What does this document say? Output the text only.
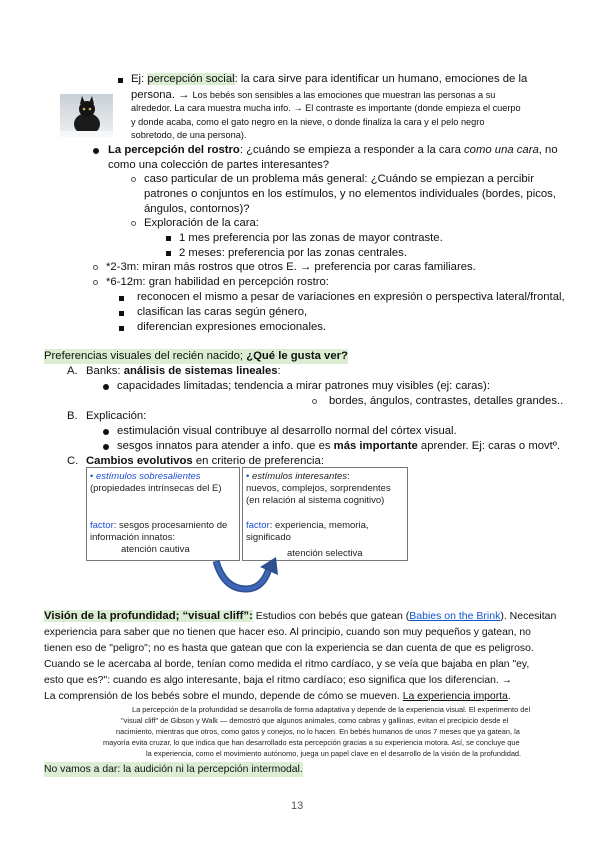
Ej: percepción social: la cara sirve para identificar un humano, emociones de la
persona. → Los bebés son sensibles a las emociones que muestran las personas a su
alrededor. La cara muestra mucha info. → El contraste es importante (donde empieza el cuerpo
y donde acaba, como el gato negro en la nieve, o donde finaliza la cara y el pelo negro
sobretodo, de una persona).
La percepción del rostro: ¿cuándo se empieza a responder a la cara como una cara, no
como una colección de partes interesantes?
caso particular de un problema más general: ¿Cuándo se empiezan a percibir
patrones o conjuntos en los estímulos, y no elementos individuales (bordes, picos,
ángulos, contornos)?
Exploración de la cara:
1 mes preferencia por las zonas de mayor contraste.
2 meses: preferencia por las zonas centrales.
*2-3m: miran más rostros que otros E. → preferencia por caras familiares.
*6-12m: gran habilidad en percepción rostro:
reconocen el mismo a pesar de variaciones en expresión o perspectiva lateral/frontal,
clasifican las caras según género,
diferencian expresiones emocionales.
Preferencias visuales del recién nacido; ¿Qué le gusta ver?
A. Banks: análisis de sistemas lineales:
capacidades limitadas; tendencia a mirar patrones muy visibles (ej: caras):
bordes, ángulos, contrastes, detalles grandes..
B. Explicación:
estimulación visual contribuye al desarrollo normal del córtex visual.
sesgos innatos para atender a info. que es más importante aprender. Ej: caras o movtº.
C. Cambios evolutivos en criterio de preferencia:
• estímulos sobresalientes
(propiedades intrínsecas del E)
factor: sesgos procesamiento de
información innatos:
atención cautiva
• estímulos interesantes:
nuevos, complejos, sorprendentes
(en relación al sistema cognitivo)
factor: experiencia, memoria,
significado
atención selectiva
Visión de la profundidad; “visual cliff”: Estudios con bebés que gatean (Babies on the Brink). Necesitan
experiencia para saber que no tienen que hacer eso. Al principio, cuando son muy pequeños y gatean, no
tienen eso de "peligro"; no es hasta que gatean que con la experiencia se dan cuenta de que es peligroso.
Cuando se le acercaba al borde, tenían como medida el ritmo cardíaco, y se veía que bajaba en plan "ey,
esto que es?": cuando es algo interesante, baja el ritmo cardíaco; eso significa que los diferencian. →
La comprensión de los bebés sobre el mundo, depende de cómo se mueven. La experiencia importa.
La percepción de la profundidad se desarrolla de forma adaptativa y depende de la experiencia visual. El experimento del
"visual cliff" de Gibson y Walk — demostró que algunos animales, como cabras y gallinas, evitan el precipicio desde el
nacimiento, mientras que otros, como gatos y conejos, no lo hacen. En bebés humanos de unos 7 meses que ya gatean, la
mayoría evita cruzar, lo que indica que han desarrollado esta percepción gracias a su experiencia motora. Así, se concluye que
la experiencia, como el movimiento autónomo, juega un papel clave en el desarrollo de la visión de la profundidad.
No vamos a dar: la audición ni la percepción intermodal.
13
